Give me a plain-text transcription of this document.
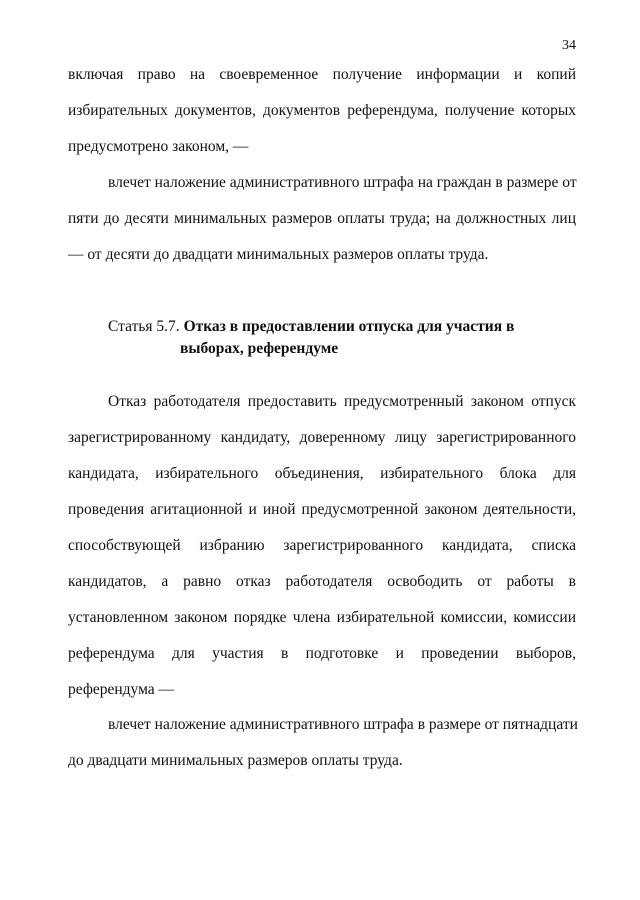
34
включая право на своевременное получение информации и копий
избирательных документов, документов референдума, получение которых
предусмотрено законом, —
влечет наложение административного штрафа на граждан в размере от
пяти до десяти минимальных размеров оплаты труда; на должностных лиц
— от десяти до двадцати минимальных размеров оплаты труда.
Статья 5.7. Отказ в предоставлении отпуска для участия в
выборах, референдуме
Отказ работодателя предоставить предусмотренный законом отпуск
зарегистрированному кандидату, доверенному лицу зарегистрированного
кандидата, избирательного объединения, избирательного блока для
проведения агитационной и иной предусмотренной законом деятельности,
способствующей избранию зарегистрированного кандидата, списка
кандидатов, а равно отказ работодателя освободить от работы в
установленном законом порядке члена избирательной комиссии, комиссии
референдума для участия в подготовке и проведении выборов,
референдума —
влечет наложение административного штрафа в размере от пятнадцати
до двадцати минимальных размеров оплаты труда.
